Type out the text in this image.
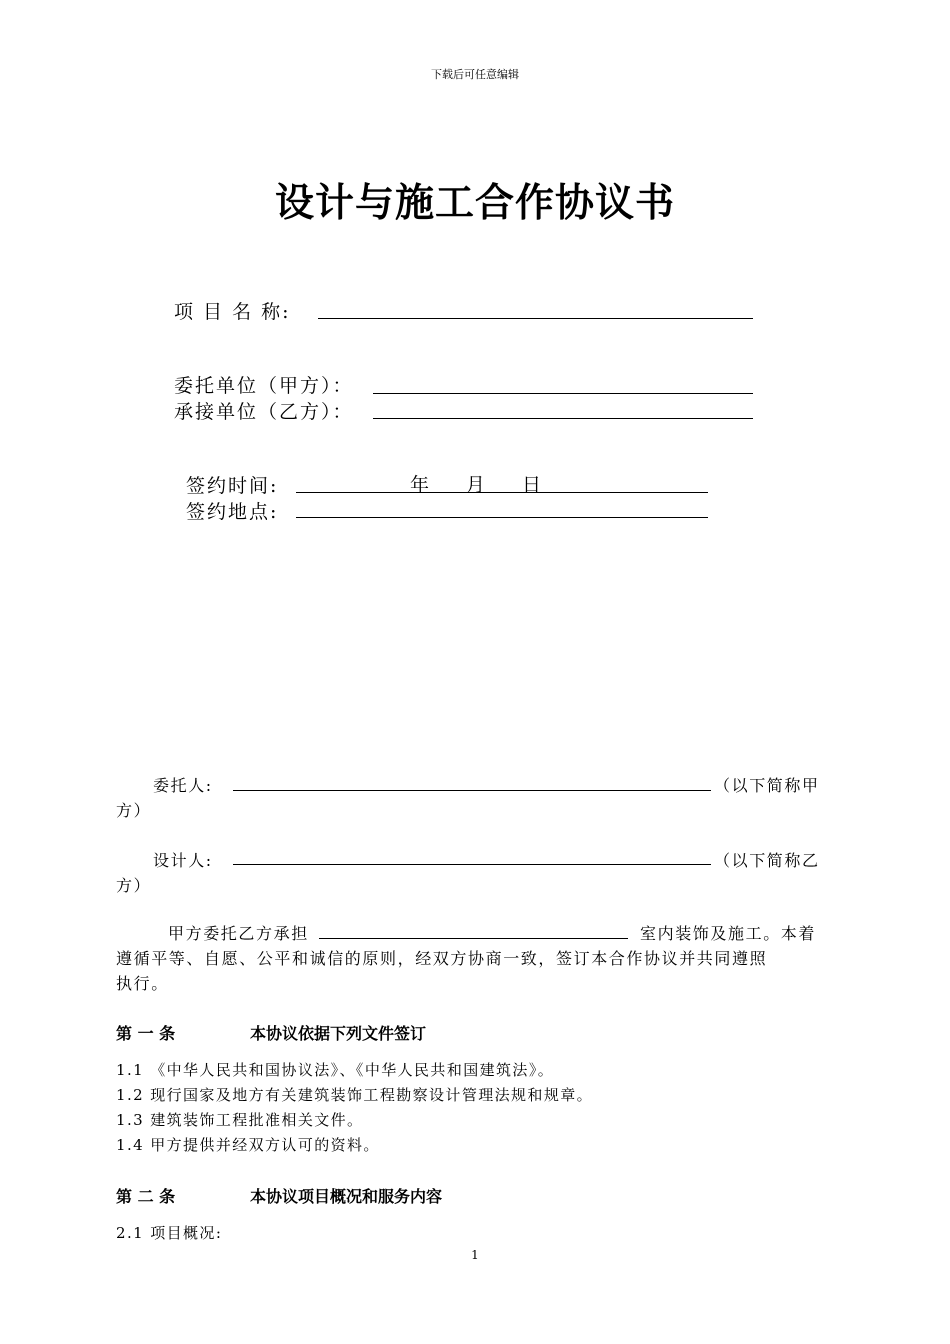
下载后可任意编辑
设计与施工合作协议书
项 目 名 称:
委托单位（甲方）：
承接单位（乙方）：
签约时间:	年 月 日
签约地点:
委托人:	（以下简称甲
方）
设计人:	（以下简称乙
方）
甲方委托乙方承担	室内装饰及施工。本着
遵循平等、自愿、公平和诚信的原则，经双方协商一致，签订本合作协议并共同遵照
执行。
第 一 条	本协议依据下列文件签订
1.1 《中华人民共和国协议法》、《中华人民共和国建筑法》。
1.2 现行国家及地方有关建筑装饰工程勘察设计管理法规和规章。
1.3 建筑装饰工程批准相关文件。
1.4 甲方提供并经双方认可的资料。
第 二 条	本协议项目概况和服务内容
2.1 项目概况:
1
